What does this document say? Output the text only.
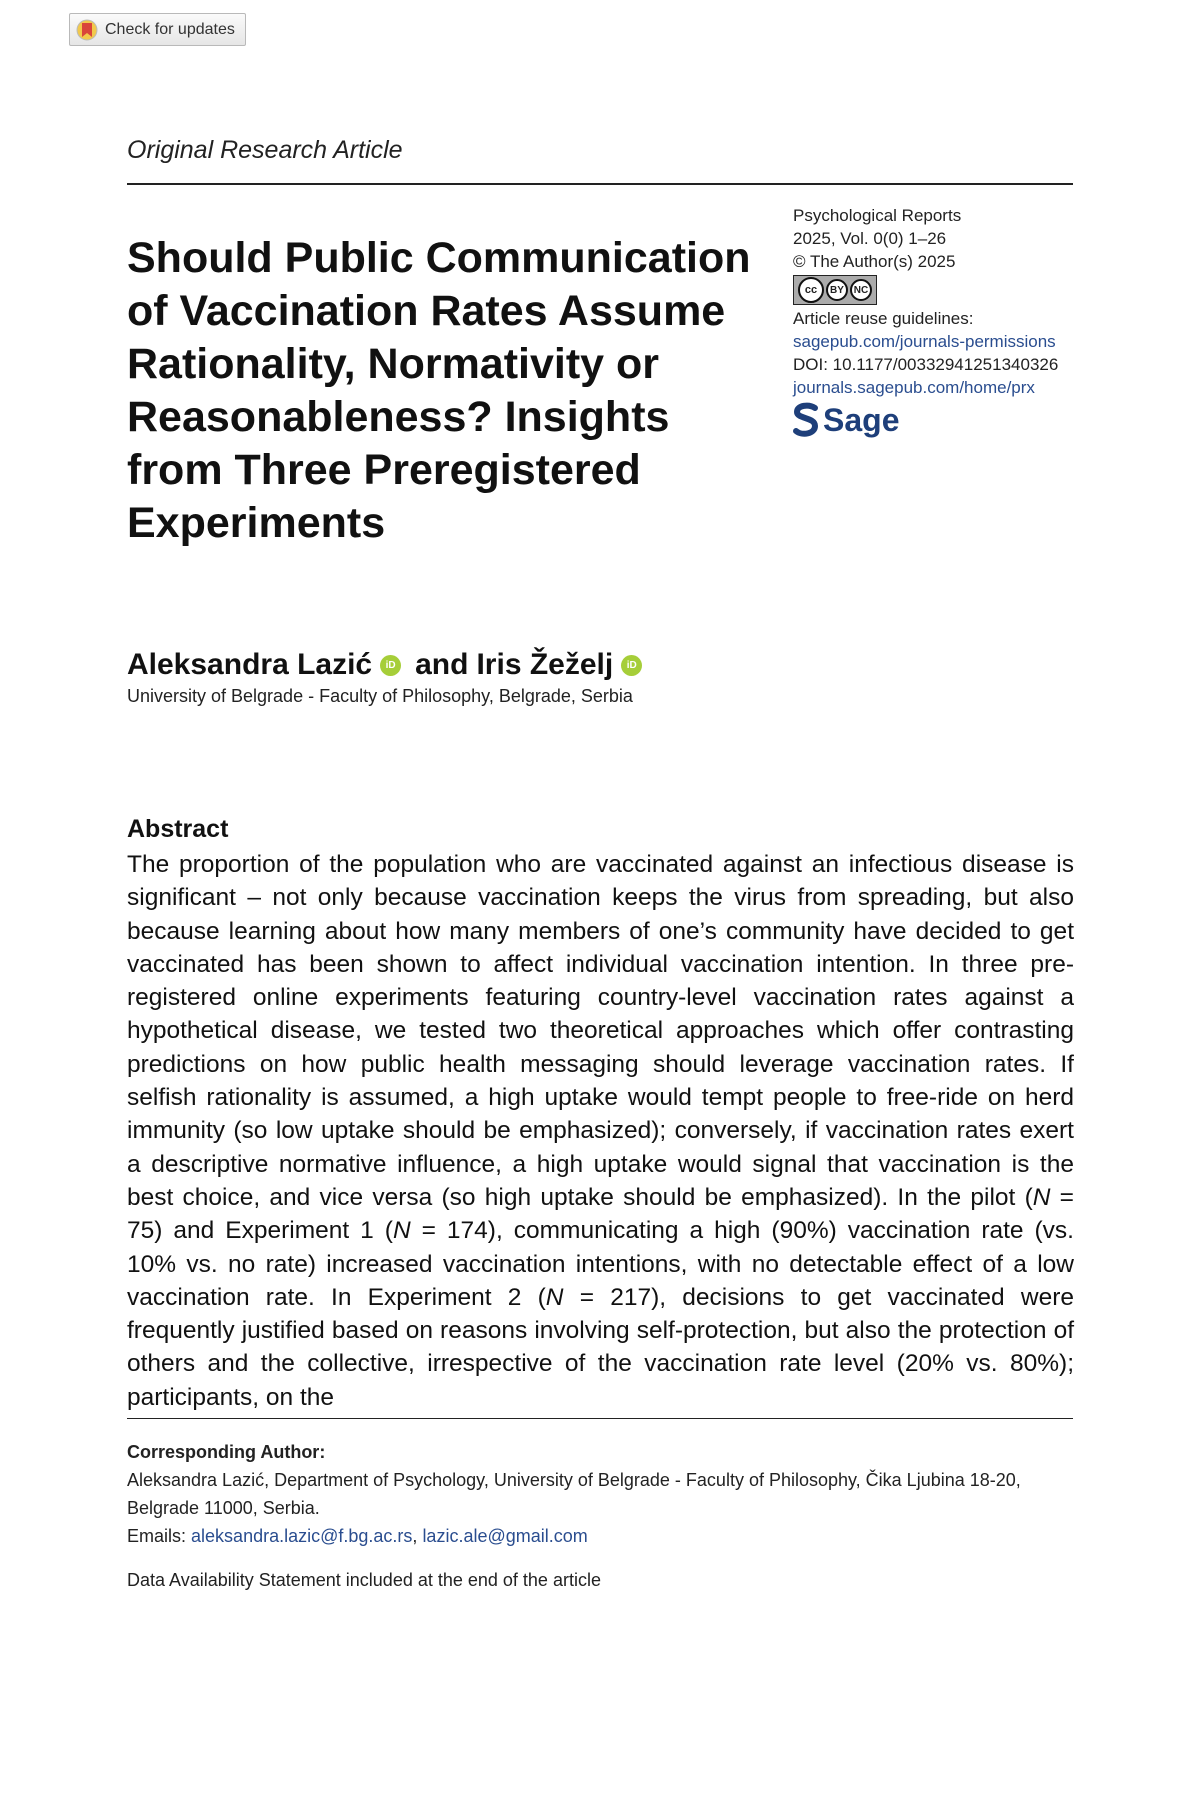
Check for updates
Original Research Article
Should Public Communication of Vaccination Rates Assume Rationality, Normativity or Reasonableness? Insights from Three Preregistered Experiments
Psychological Reports
2025, Vol. 0(0) 1–26
© The Author(s) 2025
cc	BY NC
Article reuse guidelines:
sagepub.com/journals-permissions
DOI: 10.1177/00332941251340326
journals.sagepub.com/home/prx
Sage
Aleksandra Lazić	iD and Iris Žeželj	iD
University of Belgrade - Faculty of Philosophy, Belgrade, Serbia
Abstract

The proportion of the population who are vaccinated against an infectious disease is significant – not only because vaccination keeps the virus from spreading, but also because learning about how many members of one’s community have decided to get vaccinated has been shown to affect individual vaccination intention. In three pre-registered online experiments featuring country-level vaccination rates against a hypothetical disease, we tested two theoretical approaches which offer contrasting predictions on how public health messaging should leverage vaccination rates. If selfish rationality is assumed, a high uptake would tempt people to free-ride on herd immunity (so low uptake should be emphasized); conversely, if vaccination rates exert a descriptive normative influence, a high uptake would signal that vaccination is the best choice, and vice versa (so high uptake should be emphasized). In the pilot (N = 75) and Experiment 1 (N = 174), communicating a high (90%) vaccination rate (vs. 10% vs. no rate) increased vaccination intentions, with no detectable effect of a low vaccination rate. In Experiment 2 (N = 217), decisions to get vaccinated were frequently justified based on reasons involving self-protection, but also the protection of others and the collective, irrespective of the vaccination rate level (20% vs. 80%); participants, on the

Corresponding Author:
Aleksandra Lazić, Department of Psychology, University of Belgrade - Faculty of Philosophy, Čika Ljubina 18-20, Belgrade 11000, Serbia.
Emails: aleksandra.lazic@f.bg.ac.rs, lazic.ale@gmail.com
Data Availability Statement included at the end of the article
